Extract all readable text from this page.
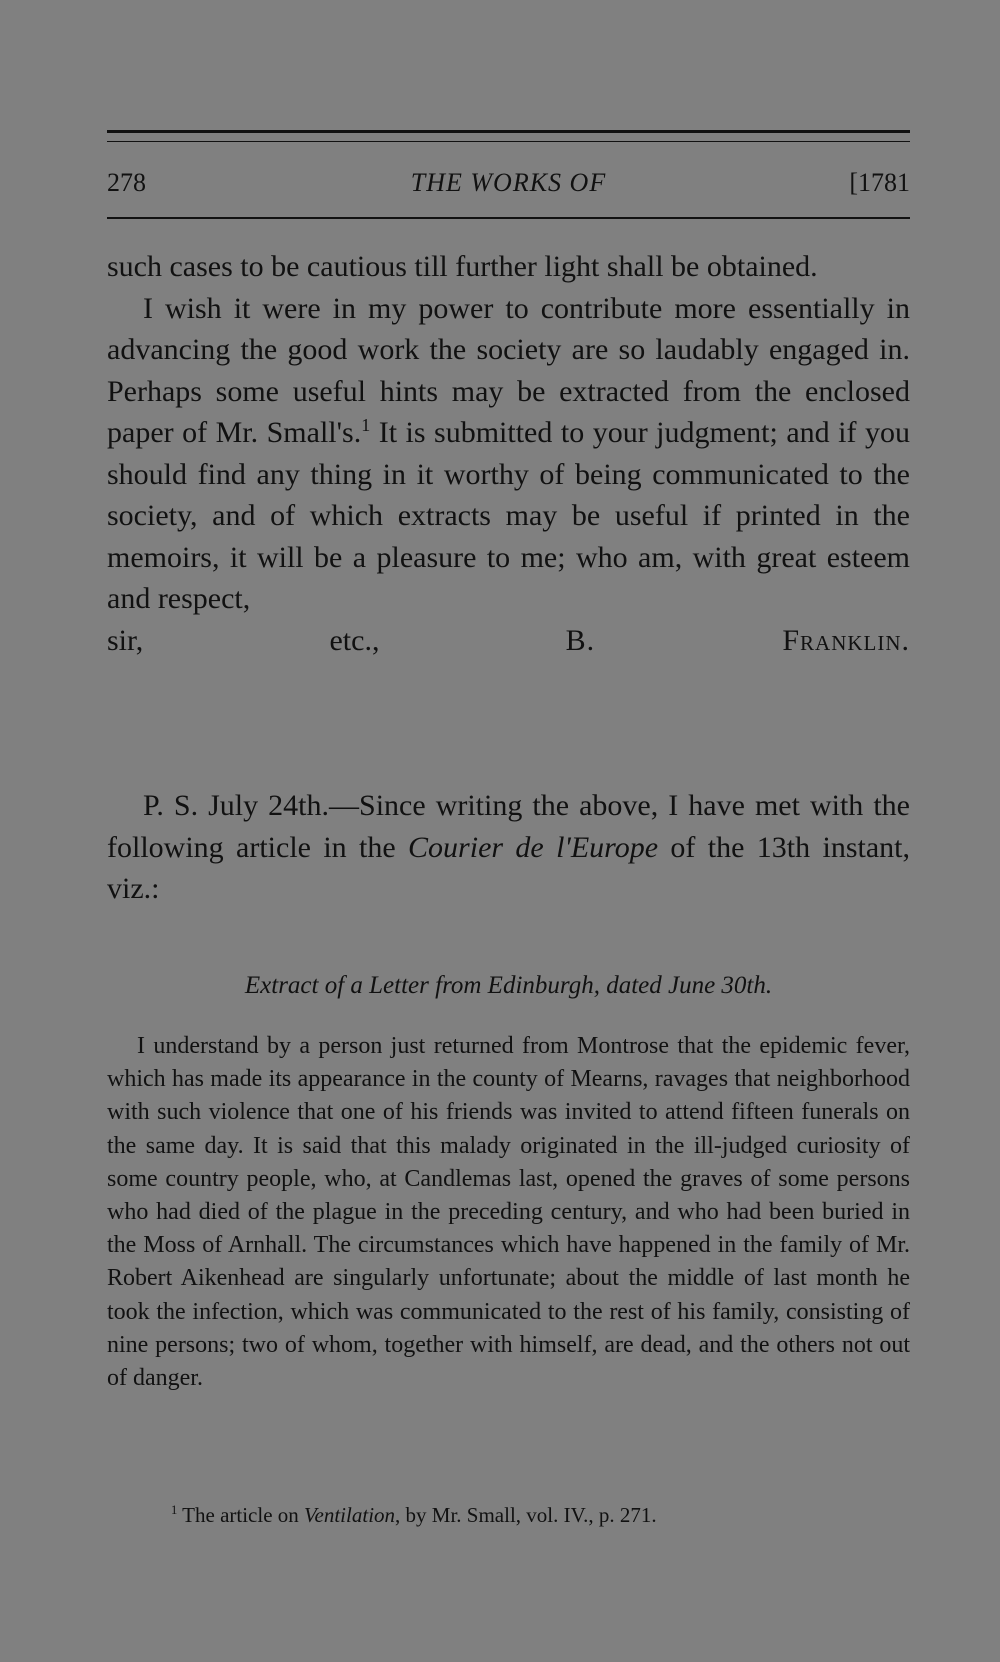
278	THE WORKS OF	[1781

such cases to be cautious till further light shall be obtained.

I wish it were in my power to contribute more essentially in advancing the good work the society are so laudably engaged in. Perhaps some useful hints may be extracted from the enclosed paper of Mr. Small's.$^1$ It is submitted to your judgment; and if you should find any thing in it worthy of being communicated to the society, and of which extracts may be useful if printed in the memoirs, it will be a pleasure to me; who am, with great esteem and respect,

sir, etc.,	B. Franklin.

P. S. July 24th.—Since writing the above, I have met with the following article in the Courier de l'Europe of the 13th instant, viz.:

Extract of a Letter from Edinburgh, dated June 30th.

I understand by a person just returned from Montrose that the epidemic fever, which has made its appearance in the county of Mearns, ravages that neighborhood with such violence that one of his friends was invited to attend fifteen funerals on the same day. It is said that this malady originated in the ill-judged curiosity of some country people, who, at Candlemas last, opened the graves of some persons who had died of the plague in the preceding century, and who had been buried in the Moss of Arnhall. The circumstances which have happened in the family of Mr. Robert Aikenhead are singularly unfortunate; about the middle of last month he took the infection, which was communicated to the rest of his family, consisting of nine persons; two of whom, together with himself, are dead, and the others not out of danger.

$^1$ The article on Ventilation, by Mr. Small, vol. IV., p. 271.
